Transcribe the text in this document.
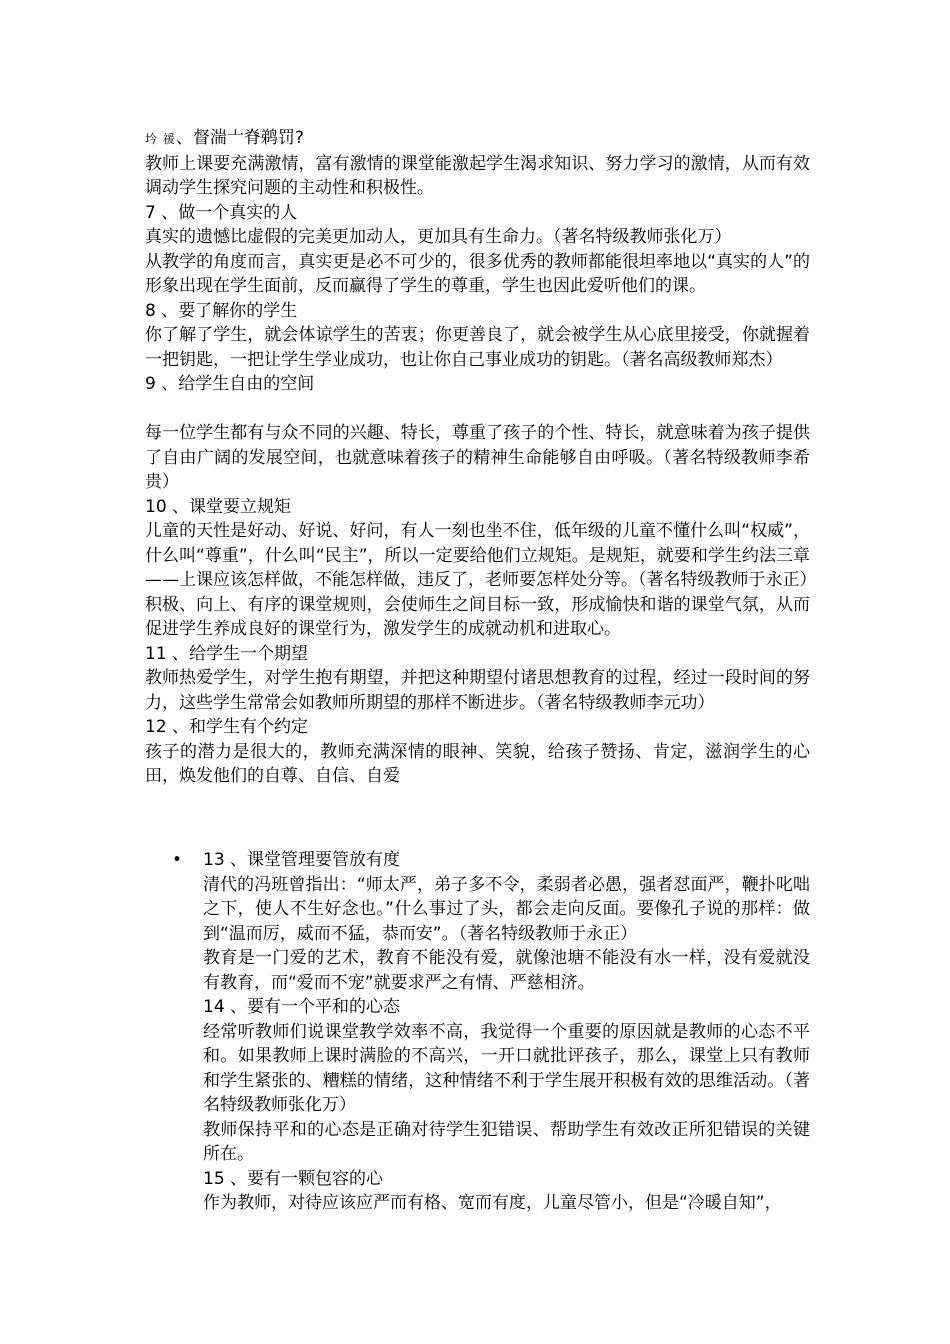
坅 禐、督湍〦脊鹈罚?

教师上课要充满激情，富有激情的课堂能激起学生渴求知识、努力学习的激情，从而有效调动学生探究问题的主动性和积极性。

7 、做一个真实的人

真实的遗憾比虚假的完美更加动人，更加具有生命力。（著名特级教师张化万）

从教学的角度而言，真实更是必不可少的，很多优秀的教师都能很坦率地以“真实的人”的形象出现在学生面前，反而赢得了学生的尊重，学生也因此爱听他们的课。

8 、要了解你的学生

你了解了学生，就会体谅学生的苦衷；你更善良了，就会被学生从心底里接受，你就握着一把钥匙，一把让学生学业成功，也让你自己事业成功的钥匙。（著名高级教师郑杰）

9 、给学生自由的空间

每一位学生都有与众不同的兴趣、特长，尊重了孩子的个性、特长，就意味着为孩子提供了自由广阔的发展空间，也就意味着孩子的精神生命能够自由呼吸。（著名特级教师李希贵）

10 、课堂要立规矩

儿童的天性是好动、好说、好问，有人一刻也坐不住，低年级的儿童不懂什么叫“权威”，什么叫“尊重”，什么叫“民主”，所以一定要给他们立规矩。是规矩，就要和学生约法三章——上课应该怎样做，不能怎样做，违反了，老师要怎样处分等。（著名特级教师于永正）

积极、向上、有序的课堂规则，会使师生之间目标一致，形成愉快和谐的课堂气氛，从而促进学生养成良好的课堂行为，激发学生的成就动机和进取心。

11 、给学生一个期望

教师热爱学生，对学生抱有期望，并把这种期望付诸思想教育的过程，经过一段时间的努力，这些学生常常会如教师所期望的那样不断进步。（著名特级教师李元功）

12 、和学生有个约定

孩子的潜力是很大的，教师充满深情的眼神、笑貌，给孩子赞扬、肯定，滋润学生的心田，焕发他们的自尊、自信、自爱

• 13 、课堂管理要管放有度

清代的冯班曾指出：“师太严，弟子多不令，柔弱者必愚，强者怼面严，鞭扑叱咄之下，使人不生好念也。”什么事过了头，都会走向反面。要像孔子说的那样：做到“温而厉，威而不猛，恭而安”。（著名特级教师于永正）

教育是一门爱的艺术，教育不能没有爱，就像池塘不能没有水一样，没有爱就没有教育，而“爱而不宠”就要求严之有情、严慈相济。

14 、要有一个平和的心态

经常听教师们说课堂教学效率不高，我觉得一个重要的原因就是教师的心态不平和。如果教师上课时满脸的不高兴，一开口就批评孩子，那么，课堂上只有教师和学生紧张的、糟糕的情绪，这种情绪不利于学生展开积极有效的思维活动。（著名特级教师张化万）

教师保持平和的心态是正确对待学生犯错误、帮助学生有效改正所犯错误的关键所在。

15 、要有一颗包容的心

作为教师，对待应该应严而有格、宽而有度，儿童尽管小，但是“冷暖自知”，
